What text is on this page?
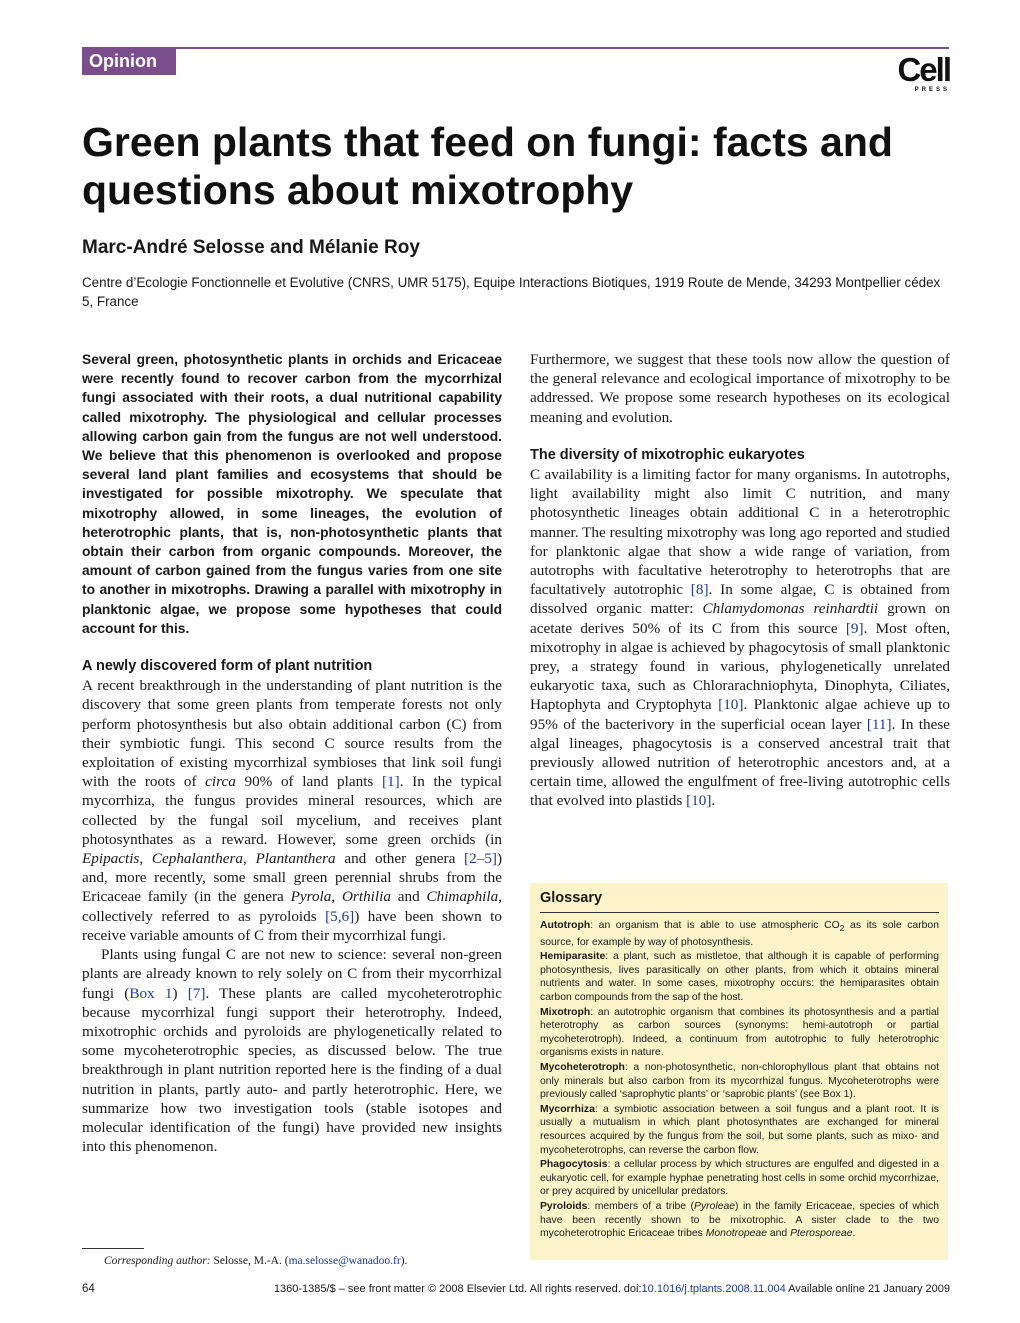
Opinion	Cell
PRESS
Green plants that feed on fungi: facts and questions about mixotrophy
Marc-André Selosse and Mélanie Roy
Centre d’Ecologie Fonctionnelle et Evolutive (CNRS, UMR 5175), Equipe Interactions Biotiques, 1919 Route de Mende, 34293 Montpellier cédex 5, France

Several green, photosynthetic plants in orchids and Ericaceae were recently found to recover carbon from the mycorrhizal fungi associated with their roots, a dual nutritional capability called mixotrophy. The physiological and cellular processes allowing carbon gain from the fungus are not well understood. We believe that this phenomenon is overlooked and propose several land plant families and ecosystems that should be investigated for possible mixotrophy. We speculate that mixotrophy allowed, in some lineages, the evolution of heterotrophic plants, that is, non-photosynthetic plants that obtain their carbon from organic compounds. Moreover, the amount of carbon gained from the fungus varies from one site to another in mixotrophs. Drawing a parallel with mixotrophy in planktonic algae, we propose some hypotheses that could account for this.

A newly discovered form of plant nutrition

A recent breakthrough in the understanding of plant nutrition is the discovery that some green plants from temperate forests not only perform photosynthesis but also obtain additional carbon (C) from their symbiotic fungi. This second C source results from the exploitation of existing mycorrhizal symbioses that link soil fungi with the roots of circa 90% of land plants [1]. In the typical mycorrhiza, the fungus provides mineral resources, which are collected by the fungal soil mycelium, and receives plant photosynthates as a reward. However, some green orchids (in Epipactis, Cephalanthera, Plantanthera and other genera [2–5]) and, more recently, some small green perennial shrubs from the Ericaceae family (in the genera Pyrola, Orthilia and Chimaphila, collectively referred to as pyroloids [5,6]) have been shown to receive variable amounts of C from their mycorrhizal fungi.

Plants using fungal C are not new to science: several non-green plants are already known to rely solely on C from their mycorrhizal fungi (Box 1) [7]. These plants are called mycoheterotrophic because mycorrhizal fungi support their heterotrophy. Indeed, mixotrophic orchids and pyroloids are phylogenetically related to some mycoheterotrophic species, as discussed below. The true breakthrough in plant nutrition reported here is the finding of a dual nutrition in plants, partly auto- and partly heterotrophic. Here, we summarize how two investigation tools (stable isotopes and molecular identification of the fungi) have provided new insights into this phenomenon.

Furthermore, we suggest that these tools now allow the question of the general relevance and ecological importance of mixotrophy to be addressed. We propose some research hypotheses on its ecological meaning and evolution.

The diversity of mixotrophic eukaryotes

C availability is a limiting factor for many organisms. In autotrophs, light availability might also limit C nutrition, and many photosynthetic lineages obtain additional C in a heterotrophic manner. The resulting mixotrophy was long ago reported and studied for planktonic algae that show a wide range of variation, from autotrophs with facultative heterotrophy to heterotrophs that are facultatively autotrophic [8]. In some algae, C is obtained from dissolved organic matter: Chlamydomonas reinhardtii grown on acetate derives 50% of its C from this source [9]. Most often, mixotrophy in algae is achieved by phagocytosis of small planktonic prey, a strategy found in various, phylogenetically unrelated eukaryotic taxa, such as Chlorarachniophyta, Dinophyta, Ciliates, Haptophyta and Cryptophyta [10]. Planktonic algae achieve up to 95% of the bacterivory in the superficial ocean layer [11]. In these algal lineages, phagocytosis is a conserved ancestral trait that previously allowed nutrition of heterotrophic ancestors and, at a certain time, allowed the engulfment of free-living autotrophic cells that evolved into plastids [10].

Glossary
Autotroph: an organism that is able to use atmospheric $CO_2$ as its sole carbon source, for example by way of photosynthesis.
Hemiparasite: a plant, such as mistletoe, that although it is capable of performing photosynthesis, lives parasitically on other plants, from which it obtains mineral nutrients and water. In some cases, mixotrophy occurs: the hemiparasites obtain carbon compounds from the sap of the host.
Mixotroph: an autotrophic organism that combines its photosynthesis and a partial heterotrophy as carbon sources (synonyms: hemi-autotroph or partial mycoheterotroph). Indeed, a continuum from autotrophic to fully heterotrophic organisms exists in nature.
Mycoheterotroph: a non-photosynthetic, non-chlorophyllous plant that obtains not only minerals but also carbon from its mycorrhizal fungus. Mycoheterotrophs were previously called ‘saprophytic plants’ or ‘saprobic plants’ (see Box 1).
Mycorrhiza: a symbiotic association between a soil fungus and a plant root. It is usually a mutualism in which plant photosynthates are exchanged for mineral resources acquired by the fungus from the soil, but some plants, such as mixo- and mycoheterotrophs, can reverse the carbon flow.
Phagocytosis: a cellular process by which structures are engulfed and digested in a eukaryotic cell, for example hyphae penetrating host cells in some orchid mycorrhizae, or prey acquired by unicellular predators.
Pyroloids: members of a tribe (Pyroleae) in the family Ericaceae, species of which have been recently shown to be mixotrophic. A sister clade to the two mycoheterotrophic Ericaceae tribes Monotropeae and Pterosporeae.
Corresponding author: Selosse, M.-A. (ma.selosse@wanadoo.fr).
64	1360-1385/$ – see front matter © 2008 Elsevier Ltd. All rights reserved. doi:10.1016/j.tplants.2008.11.004 Available online 21 January 2009
